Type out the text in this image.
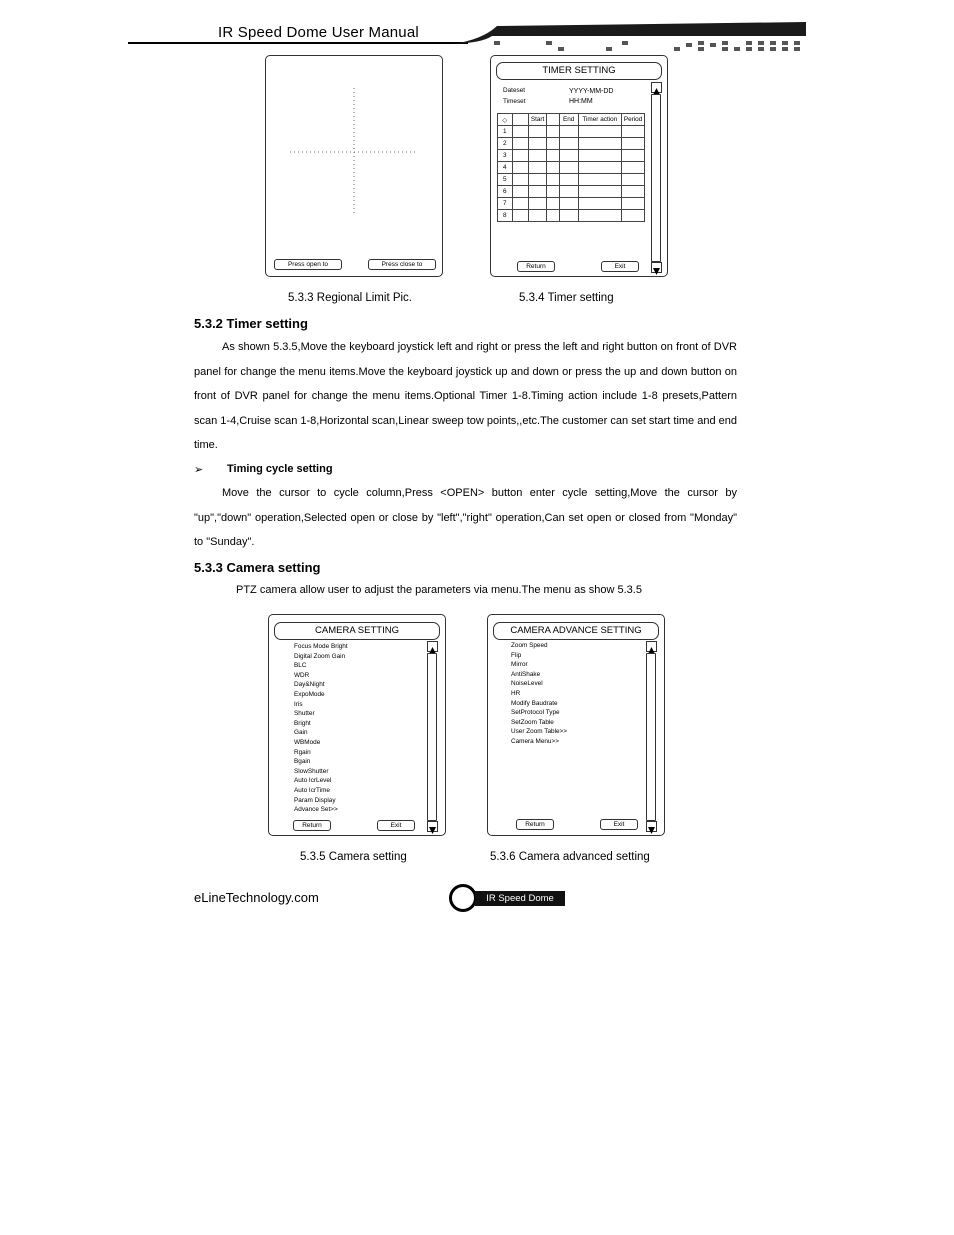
IR Speed Dome User Manual
Press open to	Press close to
TIMER SETTING
Dateset	YYYY-MM-DD
Timeset	HH:MM
◇		Start		End	Timer action	Period
1						
2						
3						
4						
5						
6						
7						
8						
Return	Exit
5.3.3 Regional Limit Pic.	5.3.4 Timer setting
5.3.2 Timer setting
As shown 5.3.5,Move the keyboard joystick left and right or press the left and right button on front of DVR panel for change the menu items.Move the keyboard joystick up and down or press the up and down button on front of DVR panel for change the menu items.Optional Timer 1-8.Timing action include 1-8 presets,Pattern scan 1-4,Cruise scan 1-8,Horizontal scan,Linear sweep tow points,,etc.The customer can set start time and end time.
➢ Timing cycle setting
Move the cursor to cycle column,Press <OPEN> button enter cycle setting,Move the cursor by "up","down" operation,Selected open or close by "left","right" operation,Can set open or closed from "Monday" to "Sunday".
5.3.3 Camera setting
PTZ camera allow user to adjust the parameters via menu.The menu as show 5.3.5
CAMERA SETTING
Focus Mode Bright
Digital Zoom Gain
BLC
WDR
Day&Night
ExpoMode
Iris
Shutter
Bright
Gain
WBMode
Rgain
Bgain
SlowShutter
Auto IcrLevel
Auto IcrTime
Param Display
Advance Set>>
Return	Exit
CAMERA ADVANCE SETTING
Zoom Speed
Flip
Mirror
AntiShake
NoiseLevel
HR
Modify Baudrate
SetProtocol Type
SetZoom Table
User Zoom Table>>
Camera Menu>>
Return	Exit
5.3.5 Camera setting	5.3.6 Camera advanced setting
eLineTechnology.com	IR Speed Dome
